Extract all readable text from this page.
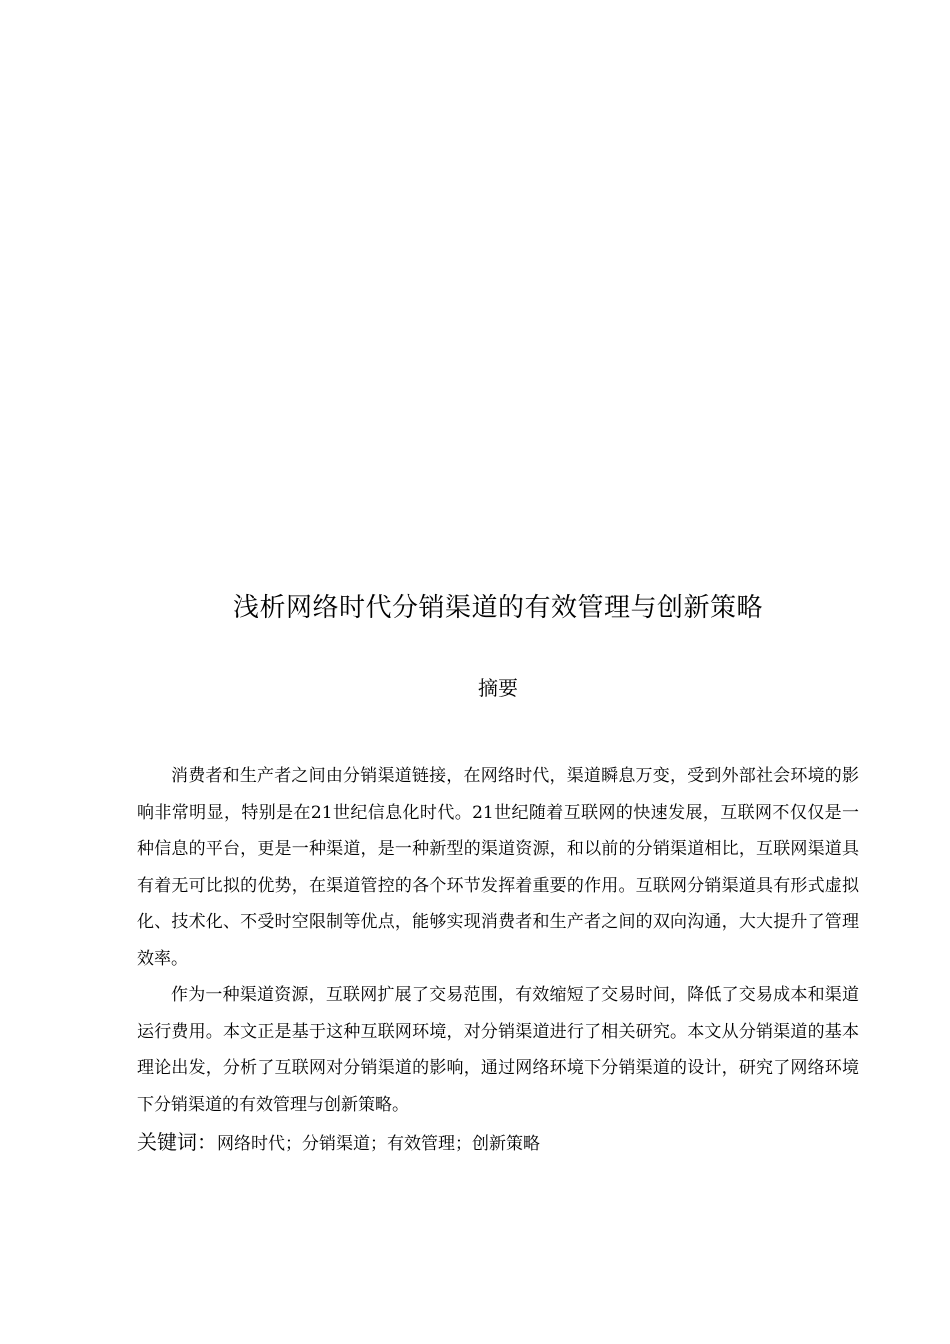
浅析网络时代分销渠道的有效管理与创新策略
摘要

消费者和生产者之间由分销渠道链接，在网络时代，渠道瞬息万变，受到外部社会环境的影响非常明显，特别是在21世纪信息化时代。21世纪随着互联网的快速发展，互联网不仅仅是一种信息的平台，更是一种渠道，是一种新型的渠道资源，和以前的分销渠道相比，互联网渠道具有着无可比拟的优势，在渠道管控的各个环节发挥着重要的作用。互联网分销渠道具有形式虚拟化、技术化、不受时空限制等优点，能够实现消费者和生产者之间的双向沟通，大大提升了管理效率。

作为一种渠道资源，互联网扩展了交易范围，有效缩短了交易时间，降低了交易成本和渠道运行费用。本文正是基于这种互联网环境，对分销渠道进行了相关研究。本文从分销渠道的基本理论出发，分析了互联网对分销渠道的影响，通过网络环境下分销渠道的设计，研究了网络环境下分销渠道的有效管理与创新策略。

关键词：网络时代；分销渠道；有效管理；创新策略
